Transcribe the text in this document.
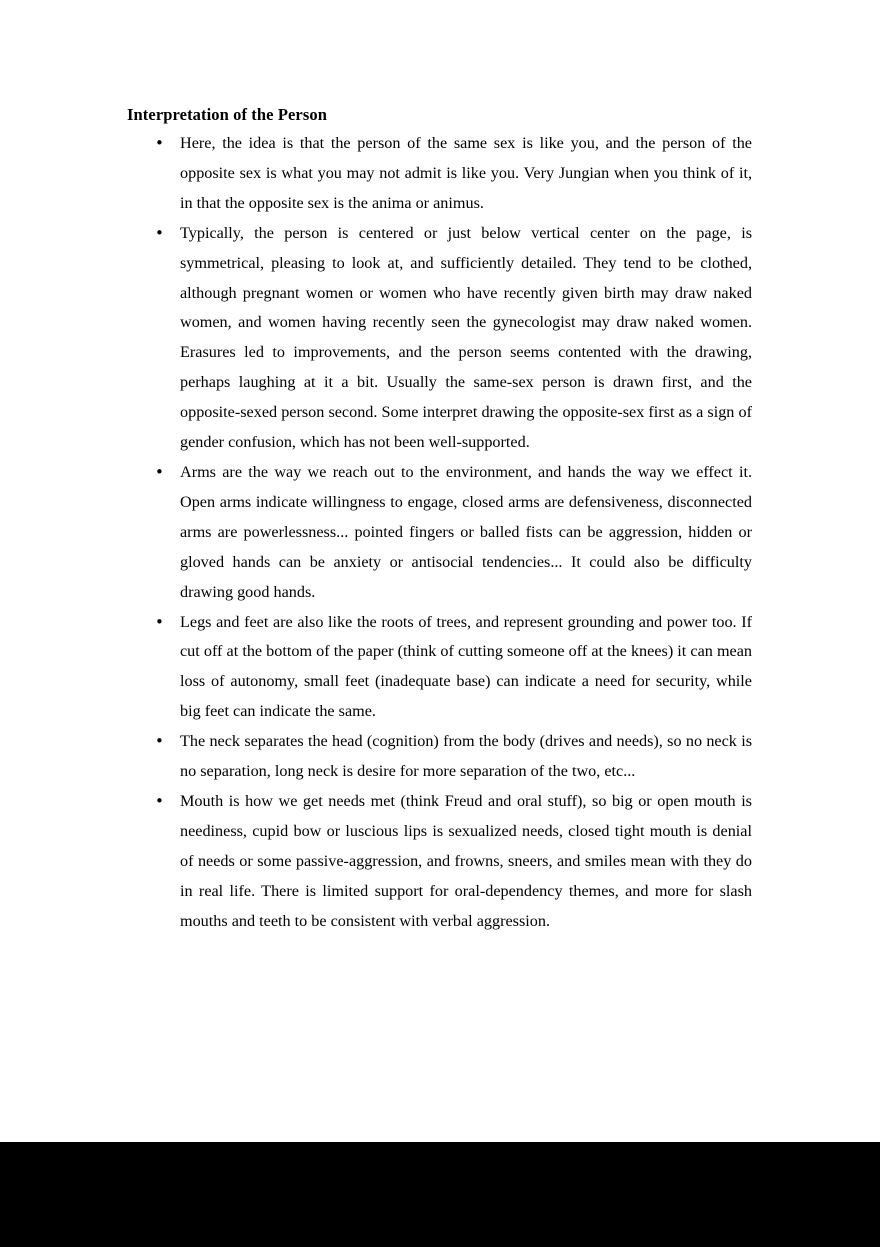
Interpretation of the Person
• Here, the idea is that the person of the same sex is like you, and the person of the opposite sex is what you may not admit is like you. Very Jungian when you think of it, in that the opposite sex is the anima or animus.
• Typically, the person is centered or just below vertical center on the page, is symmetrical, pleasing to look at, and sufficiently detailed. They tend to be clothed, although pregnant women or women who have recently given birth may draw naked women, and women having recently seen the gynecologist may draw naked women. Erasures led to improvements, and the person seems contented with the drawing, perhaps laughing at it a bit. Usually the same-sex person is drawn first, and the opposite-sexed person second. Some interpret drawing the opposite-sex first as a sign of gender confusion, which has not been well-supported.
• Arms are the way we reach out to the environment, and hands the way we effect it. Open arms indicate willingness to engage, closed arms are defensiveness, disconnected arms are powerlessness... pointed fingers or balled fists can be aggression, hidden or gloved hands can be anxiety or antisocial tendencies... It could also be difficulty drawing good hands.
• Legs and feet are also like the roots of trees, and represent grounding and power too. If cut off at the bottom of the paper (think of cutting someone off at the knees) it can mean loss of autonomy, small feet (inadequate base) can indicate a need for security, while big feet can indicate the same.
• The neck separates the head (cognition) from the body (drives and needs), so no neck is no separation, long neck is desire for more separation of the two, etc...
• Mouth is how we get needs met (think Freud and oral stuff), so big or open mouth is neediness, cupid bow or luscious lips is sexualized needs, closed tight mouth is denial of needs or some passive-aggression, and frowns, sneers, and smiles mean with they do in real life. There is limited support for oral-dependency themes, and more for slash mouths and teeth to be consistent with verbal aggression.
